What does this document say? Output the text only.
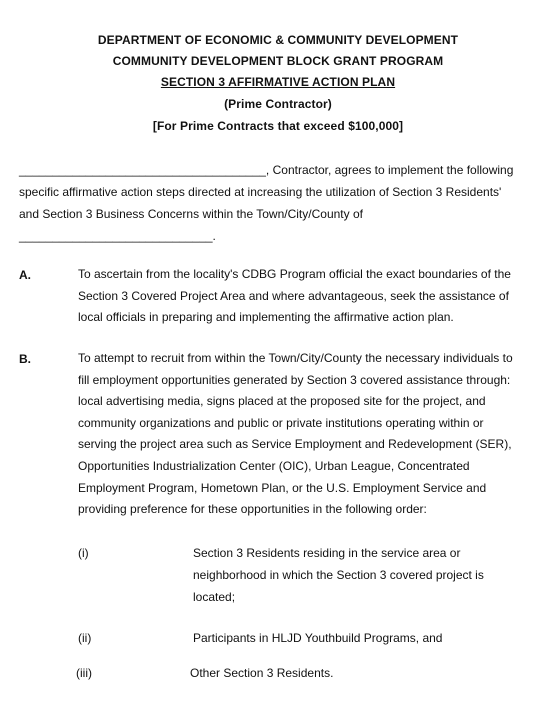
DEPARTMENT OF ECONOMIC & COMMUNITY DEVELOPMENT
COMMUNITY DEVELOPMENT BLOCK GRANT PROGRAM
SECTION 3 AFFIRMATIVE ACTION PLAN
(Prime Contractor)
[For Prime Contracts that exceed $100,000]
_____________________________________, Contractor, agrees to implement the following
specific affirmative action steps directed at increasing the utilization of Section 3 Residents'
and Section 3 Business Concerns within the Town/City/County of
_____________________________.
A.	To ascertain from the locality's CDBG Program official the exact boundaries of the
Section 3 Covered Project Area and where advantageous, seek the assistance of
local officials in preparing and implementing the affirmative action plan.
B.	To attempt to recruit from within the Town/City/County the necessary individuals to
fill employment opportunities generated by Section 3 covered assistance through:
local advertising media, signs placed at the proposed site for the project, and
community organizations and public or private institutions operating within or
serving the project area such as Service Employment and Redevelopment (SER),
Opportunities Industrialization Center (OIC), Urban League, Concentrated
Employment Program, Hometown Plan, or the U.S. Employment Service and
providing preference for these opportunities in the following order:
(i)	Section 3 Residents residing in the service area or
neighborhood in which the Section 3 covered project is
located;
(ii)	Participants in HLJD Youthbuild Programs, and
(iii)	Other Section 3 Residents.
